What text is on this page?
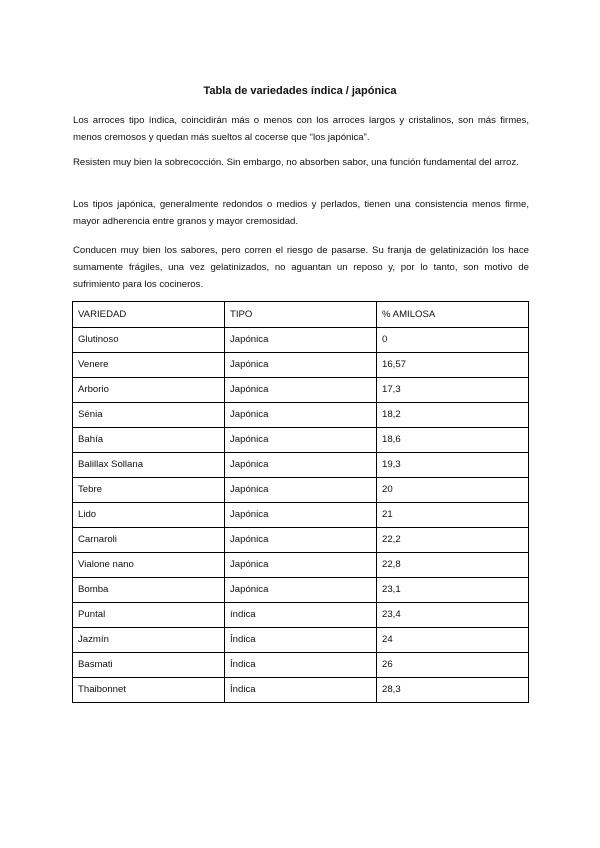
Tabla de variedades índica / japónica

Los arroces tipo índica, coincidirán más o menos con los arroces largos y cristalinos, son más firmes, menos cremosos y quedan más sueltos al cocerse que “los japónica”.

Resisten muy bien la sobrecocción. Sin embargo, no absorben sabor, una función fundamental del arroz.

Los tipos japónica, generalmente redondos o medios y perlados, tienen una consistencia menos firme, mayor adherencia entre granos y mayor cremosidad.

Conducen muy bien los sabores, pero corren el riesgo de pasarse. Su franja de gelatinización los hace sumamente frágiles, una vez gelatinizados, no aguantan un reposo y, por lo tanto, son motivo de sufrimiento para los cocineros.

VARIEDAD	TIPO	% AMILOSA
Glutinoso	Japónica	0
Venere	Japónica	16,57
Arborio	Japónica	17,3
Sénia	Japónica	18,2
Bahía	Japónica	18,6
Balillax Sollana	Japónica	19,3
Tebre	Japónica	20
Lido	Japónica	21
Carnaroli	Japónica	22,2
Vialone nano	Japónica	22,8
Bomba	Japónica	23,1
Puntal	índica	23,4
Jazmín	Índica	24
Basmati	Índica	26
Thaibonnet	Índica	28,3
